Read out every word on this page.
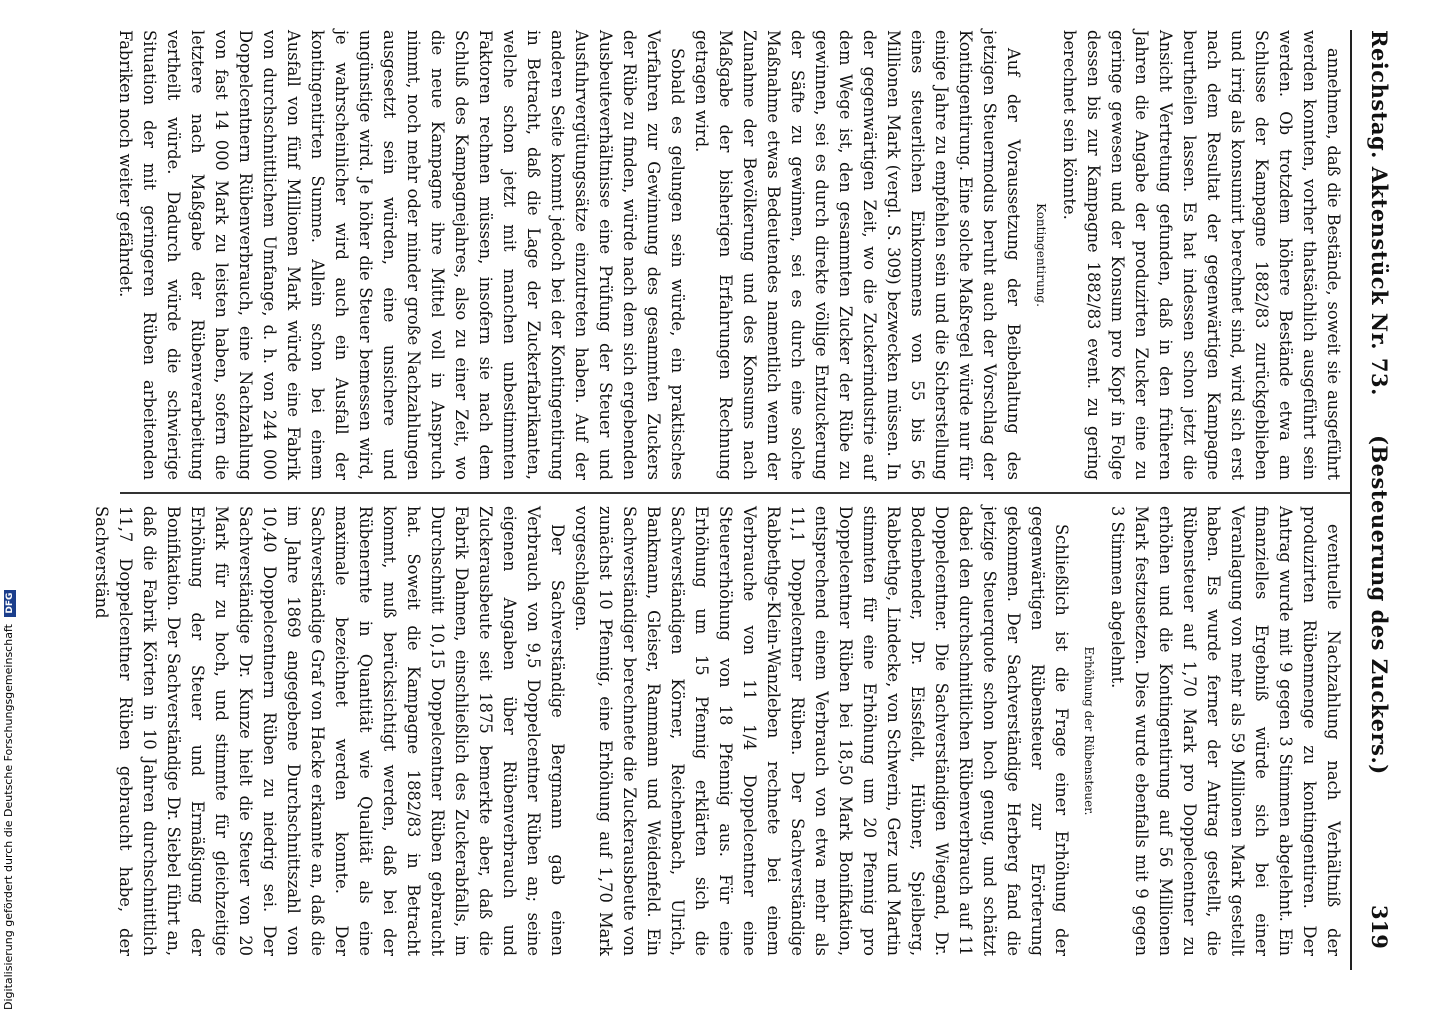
Reichstag. Aktenstück Nr. 73.     (Besteuerung des Zuckers.)
319

annehmen, daß die Bestände, soweit sie ausgeführt werden konnten, vorher thatsächlich ausgeführt sein werden. Ob trotzdem höhere Bestände etwa am Schlusse der Kampagne 1882/83 zurückgeblieben und irrig als konsumirt berechnet sind, wird sich erst nach dem Resultat der gegenwärtigen Kampagne beurtheilen lassen. Es hat indessen schon jetzt die Ansicht Vertretung gefunden, daß in den früheren Jahren die Angabe der produzirten Zucker eine zu geringe gewesen und der Konsum pro Kopf in Folge dessen bis zur Kampagne 1882/83 event. zu gering berechnet sein könnte.

Kontingentirung.

Auf der Voraussetzung der Beibehaltung des jetzigen Steuermodus beruht auch der Vorschlag der Kontingentirung. Eine solche Maßregel würde nur für einige Jahre zu empfehlen sein und die Sicherstellung eines steuerlichen Einkommens von 55 bis 56 Millionen Mark (vergl. S. 309) bezwecken müssen. In der gegenwärtigen Zeit, wo die Zuckerindustrie auf dem Wege ist, den gesammten Zucker der Rübe zu gewinnen, sei es durch direkte völlige Entzuckerung der Säfte zu gewinnen, sei es durch eine solche Maßnahme etwas Bedeutendes namentlich wenn der Zunahme der Bevölkerung und des Konsums nach Maßgabe der bisherigen Erfahrungen Rechnung getragen wird.

Sobald es gelungen sein würde, ein praktisches Verfahren zur Gewinnung des gesammten Zuckers der Rübe zu finden, würde nach dem sich ergebenden Ausbeuteverhältnisse eine Prüfung der Steuer und Ausfuhrvergütungssätze einzutreten haben. Auf der anderen Seite kommt jedoch bei der Kontingentirung in Betracht, daß die Lage der Zuckerfabrikanten, welche schon jetzt mit manchen unbestimmten Faktoren rechnen müssen, insofern sie nach dem Schluß des Kampagnejahres, also zu einer Zeit, wo die neue Kampagne ihre Mittel voll in Anspruch nimmt, noch mehr oder minder große Nachzahlungen ausgesetzt sein würden, eine unsichere und ungünstige wird. Je höher die Steuer bemessen wird, je wahrscheinlicher wird auch ein Ausfall der kontingentirten Summe. Allein schon bei einem Ausfall von fünf Millionen Mark würde eine Fabrik von durchschnittlichem Umfange, d. h. von 244 000 Doppelcentnern Rübenverbrauch, eine Nachzahlung von fast 14 000 Mark zu leisten haben, sofern die letztere nach Maßgabe der Rübenverarbeitung vertheilt würde. Dadurch würde die schwierige Situation der mit geringeren Rüben arbeitenden Fabriken noch weiter gefährdet.

eventuelle Nachzahlung nach Verhältniß der produzirten Rübenmenge zu kontingentiren. Der Antrag wurde mit 9 gegen 3 Stimmen abgelehnt. Ein finanzielles Ergebniß würde sich bei einer Veranlagung von mehr als 59 Millionen Mark gestellt haben. Es wurde ferner der Antrag gestellt, die Rübensteuer auf 1,70 Mark pro Doppelcentner zu erhöhen und die Kontingentirung auf 56 Millionen Mark festzusetzen. Dies wurde ebenfalls mit 9 gegen 3 Stimmen abgelehnt.

Erhöhung der Rübensteuer.

Schließlich ist die Frage einer Erhöhung der gegenwärtigen Rübensteuer zur Erörterung gekommen. Der Sachverständige Herberg fand die jetzige Steuerquote schon hoch genug, und schätzt dabei den durchschnittlichen Rübenverbrauch auf 11 Doppelcentner. Die Sachverständigen Wiegand, Dr. Bodenbender, Dr. Eissfeldt, Hübner, Spielberg, Rabbethge, Lindecke, von Schwerin, Gerz und Martin stimmten für eine Erhöhung um 20 Pfennig pro Doppelcentner Rüben bei 18,50 Mark Bonifikation, entsprechend einem Verbrauch von etwa mehr als 11,1 Doppelcentner Rüben. Der Sachverständige Rabbethge-Klein-Wanzleben rechnete bei einem Verbrauche von 11 1/4 Doppelcentner eine Steuererhöhung von 18 Pfennig aus. Für eine Erhöhung um 15 Pfennig erklärten sich die Sachverständigen Körner, Reichenbach, Ulrich, Bankmann, Gleiser, Rammann und Weidenfeld. Ein Sachverständiger berechnete die Zuckerausbeute von zunächst 10 Pfennig, eine Erhöhung auf 1,70 Mark vorgeschlagen.

Der Sachverständige Bergmann gab einen Verbrauch von 9,5 Doppelcentner Rüben an; seine eigenen Angaben über Rübenverbrauch und Zuckerausbeute seit 1875 bemerkte aber, daß die Fabrik Dahmen, einschließlich des Zuckerabfalls, im Durchschnitt 10,15 Doppelcentner Rüben gebraucht hat. Soweit die Kampagne 1882/83 in Betracht kommt, muß berücksichtigt werden, daß bei der Rübenernte in Quantität wie Qualität als eine maximale bezeichnet werden konnte. Der Sachverständige Graf von Hacke erkannte an, daß die im Jahre 1869 angegebene Durchschnittszahl von 10,40 Doppelcentnern Rüben zu niedrig sei. Der Sachverständige Dr. Kunze hielt die Steuer von 20 Mark für zu hoch, und stimmte für gleichzeitige Erhöhung der Steuer und Ermäßigung der Bonifikation. Der Sachverständige Dr. Siebel führt an, daß die Fabrik Körten in 10 Jahren durchschnittlich 11,7 Doppelcentner Rüben gebraucht habe, der Sachverständ

Digitalisierung gefördert durch die Deutsche Forschungsgemeinschaft DFG
